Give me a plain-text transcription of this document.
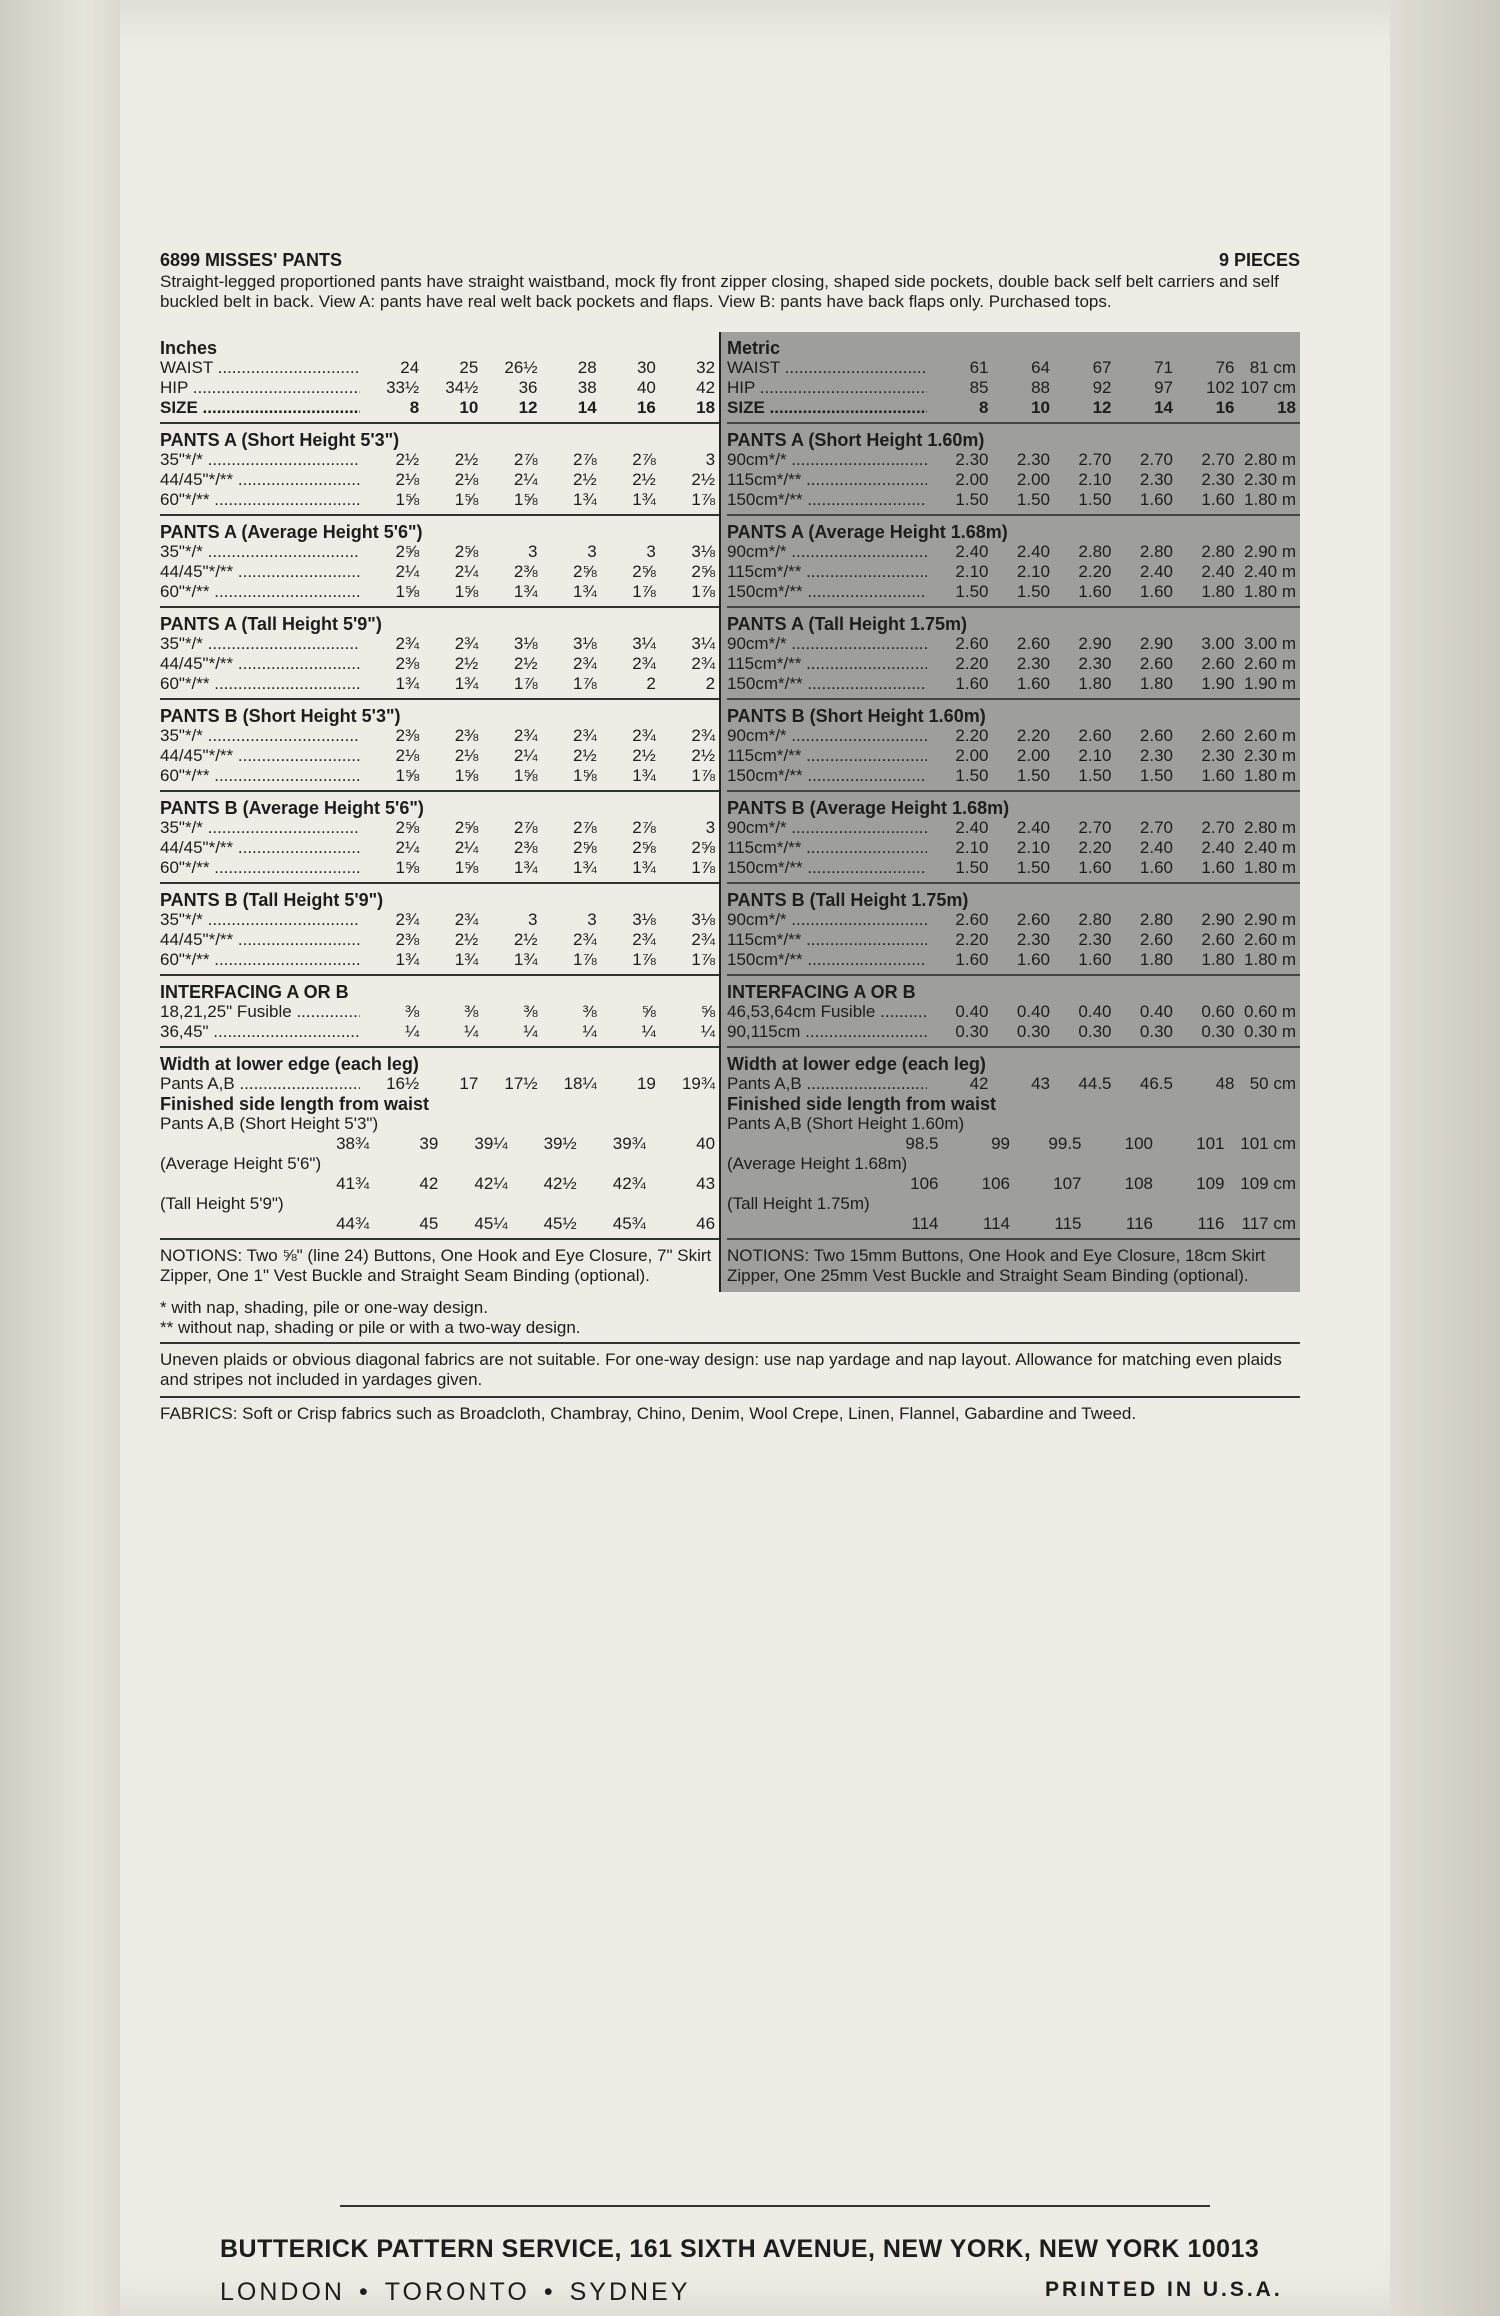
6899 MISSES' PANTS	9 PIECES
Straight-legged proportioned pants have straight waistband, mock fly front zipper closing, shaped side pockets, double back self belt carriers and self buckled belt in back. View A: pants have real welt back pockets and flaps. View B: pants have back flaps only. Purchased tops.
Inches
WAIST .....	24	25	26½	28	30	32
HIP .....	33½	34½	36	38	40	42
SIZE .....	8	10	12	14	16	18
PANTS A (Short Height 5'3")
35"*/* .....	2½	2½	2⅞	2⅞	2⅞	3
44/45"*/** .....	2⅛	2⅛	2¼	2½	2½	2½
60"*/** .....	1⅝	1⅝	1⅝	1¾	1¾	1⅞
PANTS A (Average Height 5'6")
35"*/* .....	2⅝	2⅝	3	3	3	3⅛
44/45"*/** .....	2¼	2¼	2⅜	2⅝	2⅝	2⅝
60"*/** .....	1⅝	1⅝	1¾	1¾	1⅞	1⅞
PANTS A (Tall Height 5'9")
35"*/* .....	2¾	2¾	3⅛	3⅛	3¼	3¼
44/45"*/** .....	2⅜	2½	2½	2¾	2¾	2¾
60"*/** .....	1¾	1¾	1⅞	1⅞	2	2
PANTS B (Short Height 5'3")
35"*/* .....	2⅜	2⅜	2¾	2¾	2¾	2¾
44/45"*/** .....	2⅛	2⅛	2¼	2½	2½	2½
60"*/** .....	1⅝	1⅝	1⅝	1⅝	1¾	1⅞
PANTS B (Average Height 5'6")
35"*/* .....	2⅝	2⅝	2⅞	2⅞	2⅞	3
44/45"*/** .....	2¼	2¼	2⅜	2⅝	2⅝	2⅝
60"*/** .....	1⅝	1⅝	1¾	1¾	1¾	1⅞
PANTS B (Tall Height 5'9")
35"*/* .....	2¾	2¾	3	3	3⅛	3⅛
44/45"*/** .....	2⅜	2½	2½	2¾	2¾	2¾
60"*/** .....	1¾	1¾	1¾	1⅞	1⅞	1⅞
INTERFACING A OR B
18,21,25" Fusible .....	⅜	⅜	⅜	⅜	⅝	⅝
36,45" .....	¼	¼	¼	¼	¼	¼
Width at lower edge (each leg)
Pants A,B .....	16½	17	17½	18¼	19	19¾
Finished side length from waist
Pants A,B (Short Height 5'3")
38¾	39	39¼	39½	39¾	40
(Average Height 5'6")
41¾	42	42¼	42½	42¾	43
(Tall Height 5'9")
44¾	45	45¼	45½	45¾	46
NOTIONS: Two ⅝" (line 24) Buttons, One Hook and Eye Closure, 7" Skirt Zipper, One 1" Vest Buckle and Straight Seam Binding (optional).
Metric
WAIST .....	61	64	67	71	76 81 cm
HIP .....	85	88	92	97	102 107 cm
SIZE .....	8	10	12	14	16	18
PANTS A (Short Height 1.60m)
90cm*/* .....	2.30	2.30	2.70	2.70	2.70 2.80 m
115cm*/** .....	2.00	2.00	2.10	2.30	2.30 2.30 m
150cm*/** .....	1.50	1.50	1.50	1.60	1.60 1.80 m
PANTS A (Average Height 1.68m)
90cm*/* .....	2.40	2.40	2.80	2.80	2.80 2.90 m
115cm*/** .....	2.10	2.10	2.20	2.40	2.40 2.40 m
150cm*/** .....	1.50	1.50	1.60	1.60	1.80 1.80 m
PANTS A (Tall Height 1.75m)
90cm*/* .....	2.60	2.60	2.90	2.90	3.00 3.00 m
115cm*/** .....	2.20	2.30	2.30	2.60	2.60 2.60 m
150cm*/** .....	1.60	1.60	1.80	1.80	1.90 1.90 m
PANTS B (Short Height 1.60m)
90cm*/* .....	2.20	2.20	2.60	2.60	2.60 2.60 m
115cm*/** .....	2.00	2.00	2.10	2.30	2.30 2.30 m
150cm*/** .....	1.50	1.50	1.50	1.50	1.60 1.80 m
PANTS B (Average Height 1.68m)
90cm*/* .....	2.40	2.40	2.70	2.70	2.70 2.80 m
115cm*/** .....	2.10	2.10	2.20	2.40	2.40 2.40 m
150cm*/** .....	1.50	1.50	1.60	1.60	1.60 1.80 m
PANTS B (Tall Height 1.75m)
90cm*/* .....	2.60	2.60	2.80	2.80	2.90 2.90 m
115cm*/** .....	2.20	2.30	2.30	2.60	2.60 2.60 m
150cm*/** .....	1.60	1.60	1.60	1.80	1.80 1.80 m
INTERFACING A OR B
46,53,64cm Fusible .....	0.40	0.40	0.40	0.40	0.60 0.60 m
90,115cm .....	0.30	0.30	0.30	0.30	0.30 0.30 m
Width at lower edge (each leg)
Pants A,B .....	42	43	44.5	46.5	48 50 cm
Finished side length from waist
Pants A,B (Short Height 1.60m)
98.5	99	99.5	100	101 101 cm
(Average Height 1.68m)
106	106	107	108	109 109 cm
(Tall Height 1.75m)
114	114	115	116	116	117 cm
NOTIONS: Two 15mm Buttons, One Hook and Eye Closure, 18cm Skirt Zipper, One 25mm Vest Buckle and Straight Seam Binding (optional).
* with nap, shading, pile or one-way design.
** without nap, shading or pile or with a two-way design.
Uneven plaids or obvious diagonal fabrics are not suitable. For one-way design: use nap yardage and nap layout. Allowance for matching even plaids and stripes not included in yardages given.
FABRICS: Soft or Crisp fabrics such as Broadcloth, Chambray, Chino, Denim, Wool Crepe, Linen, Flannel, Gabardine and Tweed.
BUTTERICK PATTERN SERVICE, 161 SIXTH AVENUE, NEW YORK, NEW YORK 10013
LONDON • TORONTO • SYDNEY	PRINTED IN U.S.A.
